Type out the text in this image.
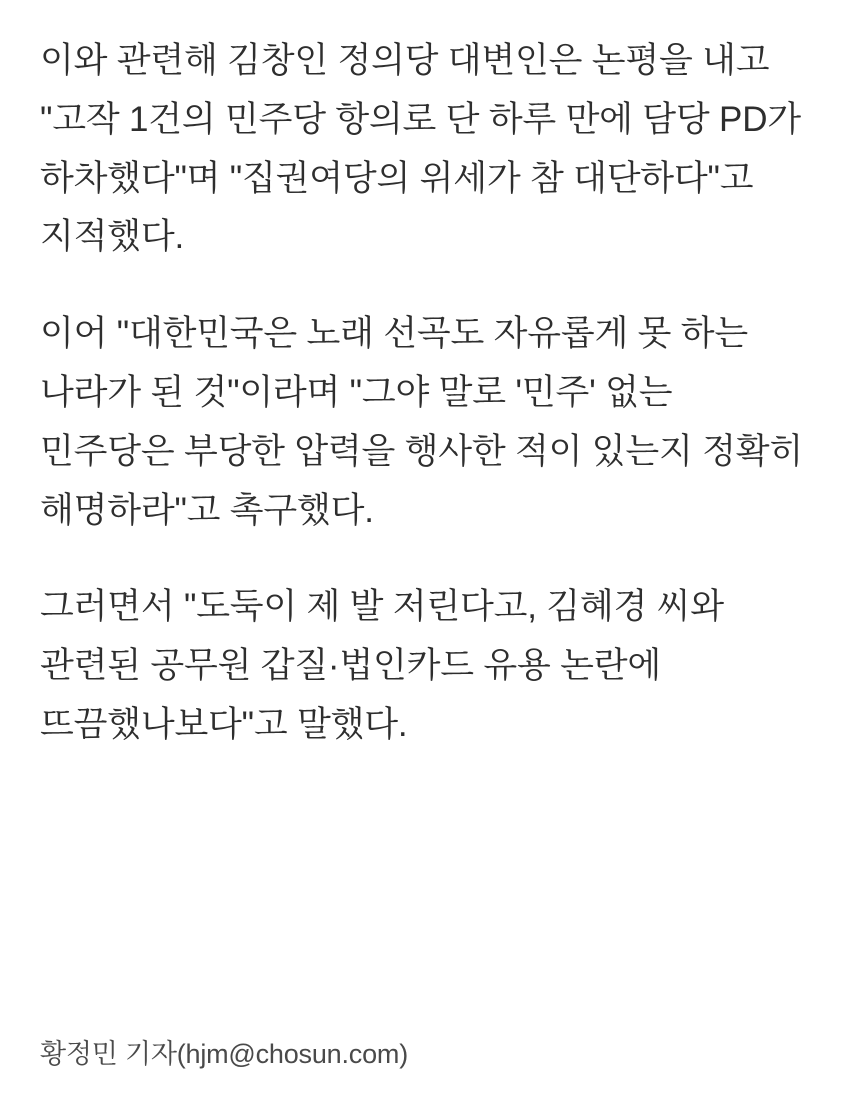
이와 관련해 김창인 정의당 대변인은 논평을 내고 "고작 1건의 민주당 항의로 단 하루 만에 담당 PD가 하차했다"며 "집권여당의 위세가 참 대단하다"고 지적했다.

이어 "대한민국은 노래 선곡도 자유롭게 못 하는 나라가 된 것"이라며 "그야 말로 '민주' 없는 민주당은 부당한 압력을 행사한 적이 있는지 정확히 해명하라"고 촉구했다.

그러면서 "도둑이 제 발 저린다고, 김혜경 씨와 관련된 공무원 갑질·법인카드 유용 논란에 뜨끔했나보다"고 말했다.

황정민 기자(hjm@chosun.com)
